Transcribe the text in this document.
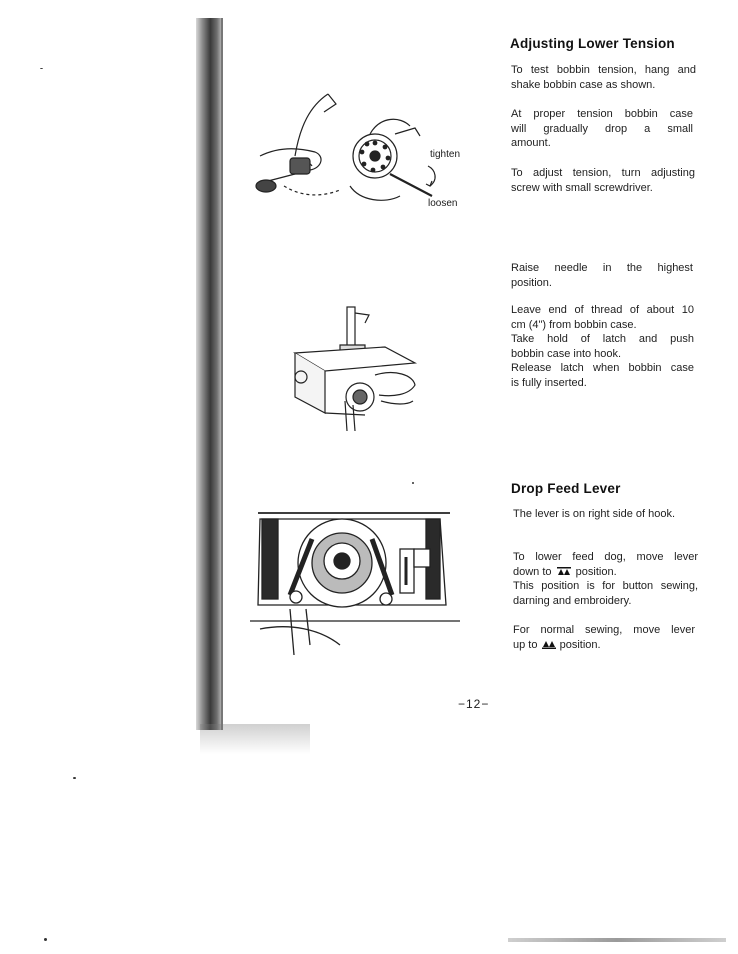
tighten
loosen
Adjusting Lower Tension
To test bobbin tension, hang and
shake bobbin case as shown.
At proper tension bobbin case
will gradually drop a small
amount.
To adjust tension, turn adjusting
screw with small screwdriver.
Raise needle in the highest
position.
Leave end of thread of about 10
cm (4") from bobbin case.
Take hold of latch and push
bobbin case into hook.
Release latch when bobbin case
is fully inserted.
Drop Feed Lever
The lever is on right side of hook.
To lower feed dog, move lever
down to position.
This position is for button sewing,
darning and embroidery.
For normal sewing, move lever
up to position.
−12−
